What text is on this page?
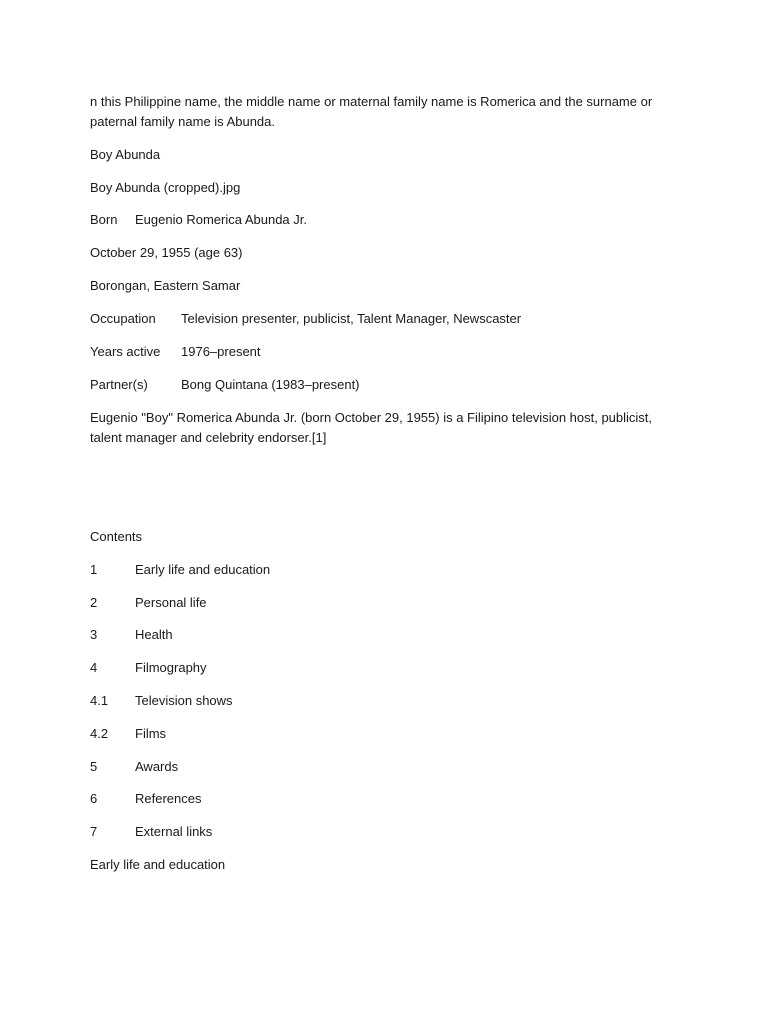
n this Philippine name, the middle name or maternal family name is Romerica and the surname or paternal family name is Abunda.

Boy Abunda

Boy Abunda (cropped).jpg

Born Eugenio Romerica Abunda Jr.

October 29, 1955 (age 63)

Borongan, Eastern Samar

Occupation Television presenter, publicist, Talent Manager, Newscaster
Years active 1976–present
Partner(s)	Bong Quintana (1983–present)

Eugenio "Boy" Romerica Abunda Jr. (born October 29, 1955) is a Filipino television host, publicist, talent manager and celebrity endorser.[1]

Contents

1	Early life and education
2	Personal life
3	Health
4	Filmography
4.1 Television shows
4.2 Films
5	Awards
6	References
7	External links

Early life and education
